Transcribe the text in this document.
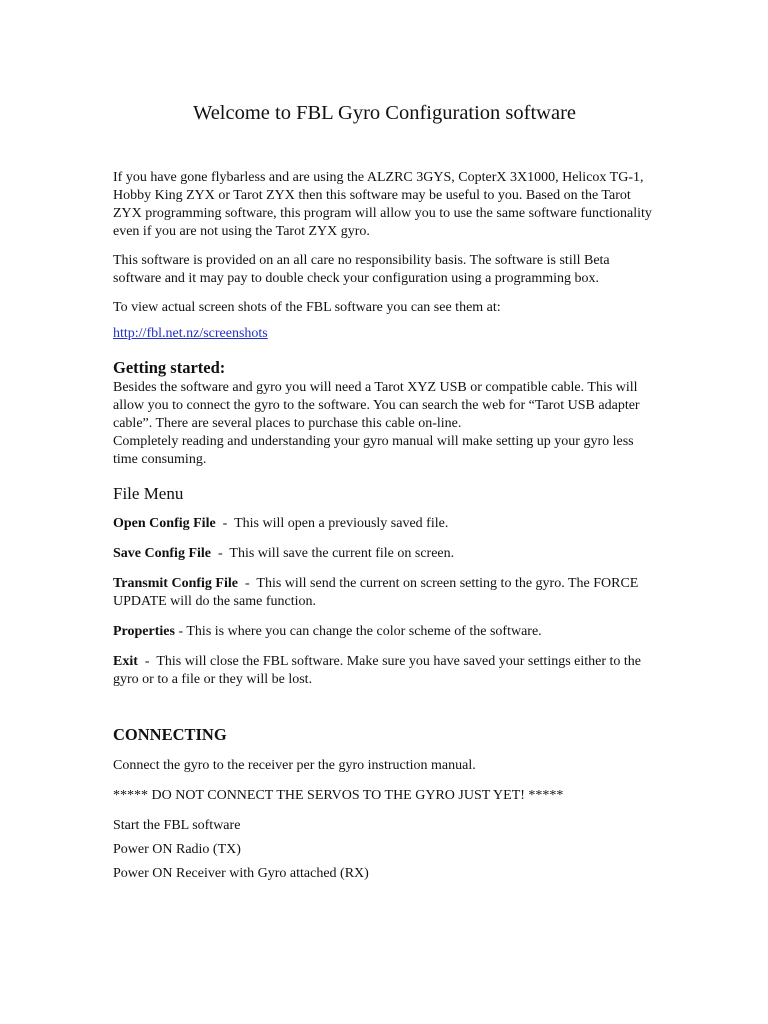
Welcome to FBL Gyro Configuration software

If you have gone flybarless and are using the ALZRC 3GYS, CopterX 3X1000, Helicox TG-1, Hobby King ZYX or Tarot ZYX then this software may be useful to you. Based on the Tarot ZYX programming software, this program will allow you to use the same software functionality even if you are not using the Tarot ZYX gyro.

This software is provided on an all care no responsibility basis. The software is still Beta software and it may pay to double check your configuration using a programming box.

To view actual screen shots of the FBL software you can see them at:

http://fbl.net.nz/screenshots

Getting started:

Besides the software and gyro you will need a Tarot XYZ USB or compatible cable. This will allow you to connect the gyro to the software. You can search the web for “Tarot USB adapter cable”. There are several places to purchase this cable on-line.

Completely reading and understanding your gyro manual will make setting up your gyro less time consuming.

File Menu

Open Config File  -  This will open a previously saved file.

Save Config File  -  This will save the current file on screen.

Transmit Config File  -  This will send the current on screen setting to the gyro. The FORCE UPDATE will do the same function.

Properties - This is where you can change the color scheme of the software.

Exit  -  This will close the FBL software. Make sure you have saved your settings either to the gyro or to a file or they will be lost.

CONNECTING

Connect the gyro to the receiver per the gyro instruction manual.

***** DO NOT CONNECT THE SERVOS TO THE GYRO JUST YET! *****

Start the FBL software

Power ON Radio (TX)

Power ON Receiver with Gyro attached (RX)
